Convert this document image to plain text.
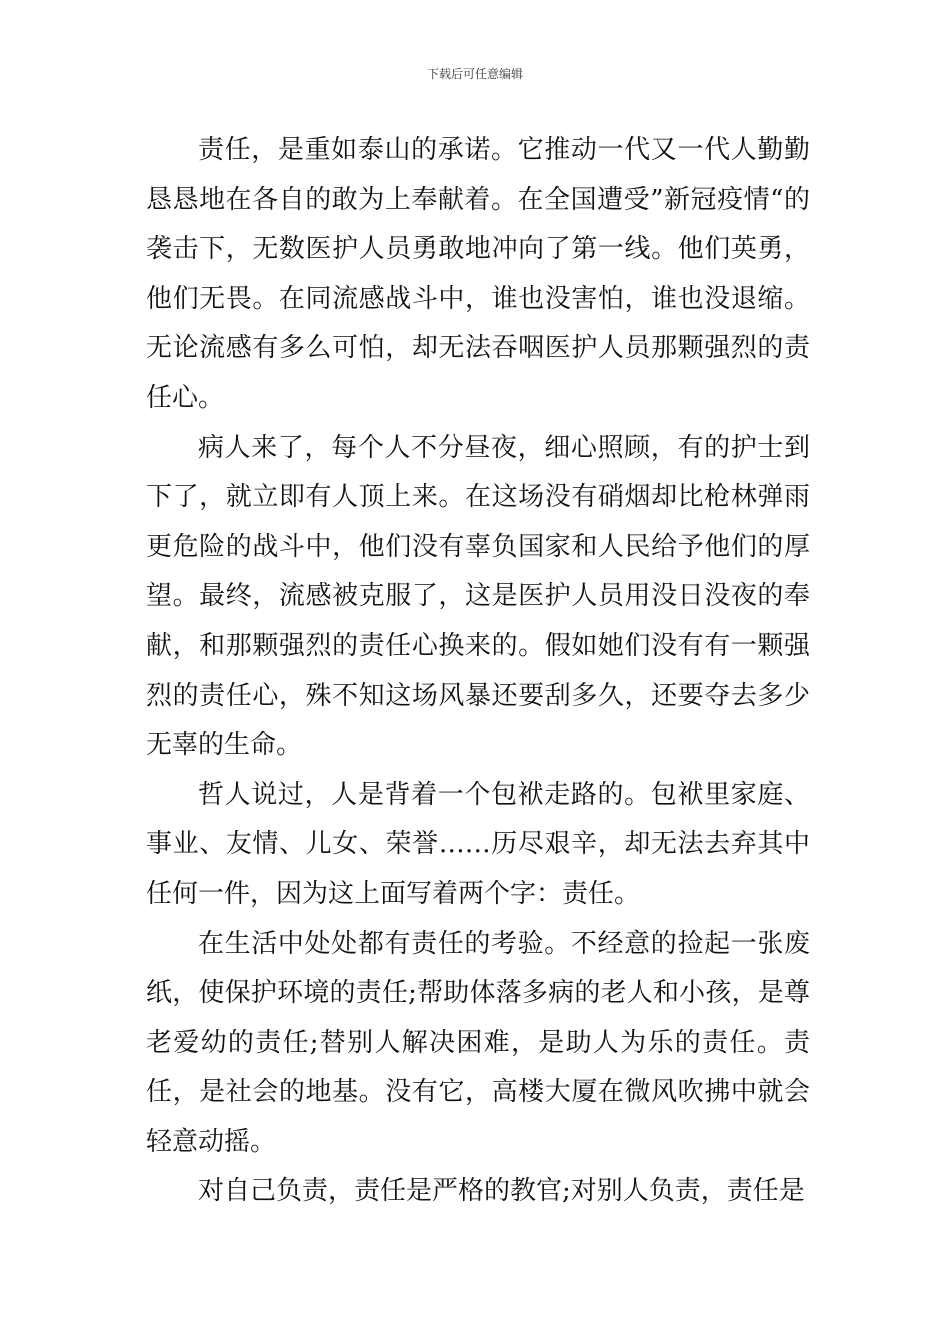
下载后可任意编辑

责任，是重如泰山的承诺。它推动一代又一代人勤勤恳恳地在各自的敢为上奉献着。在全国遭受”新冠疫情“的袭击下，无数医护人员勇敢地冲向了第一线。他们英勇，他们无畏。在同流感战斗中，谁也没害怕，谁也没退缩。无论流感有多么可怕，却无法吞咽医护人员那颗强烈的责任心。

病人来了，每个人不分昼夜，细心照顾，有的护士到下了，就立即有人顶上来。在这场没有硝烟却比枪林弹雨更危险的战斗中，他们没有辜负国家和人民给予他们的厚望。最终，流感被克服了，这是医护人员用没日没夜的奉献，和那颗强烈的责任心换来的。假如她们没有有一颗强烈的责任心，殊不知这场风暴还要刮多久，还要夺去多少无辜的生命。

哲人说过，人是背着一个包袱走路的。包袱里家庭、事业、友情、儿女、荣誉……历尽艰辛，却无法去弃其中任何一件，因为这上面写着两个字：责任。

在生活中处处都有责任的考验。不经意的捡起一张废纸，使保护环境的责任;帮助体落多病的老人和小孩，是尊老爱幼的责任;替别人解决困难，是助人为乐的责任。责任，是社会的地基。没有它，高楼大厦在微风吹拂中就会轻意动摇。

对自己负责，责任是严格的教官;对别人负责，责任是
